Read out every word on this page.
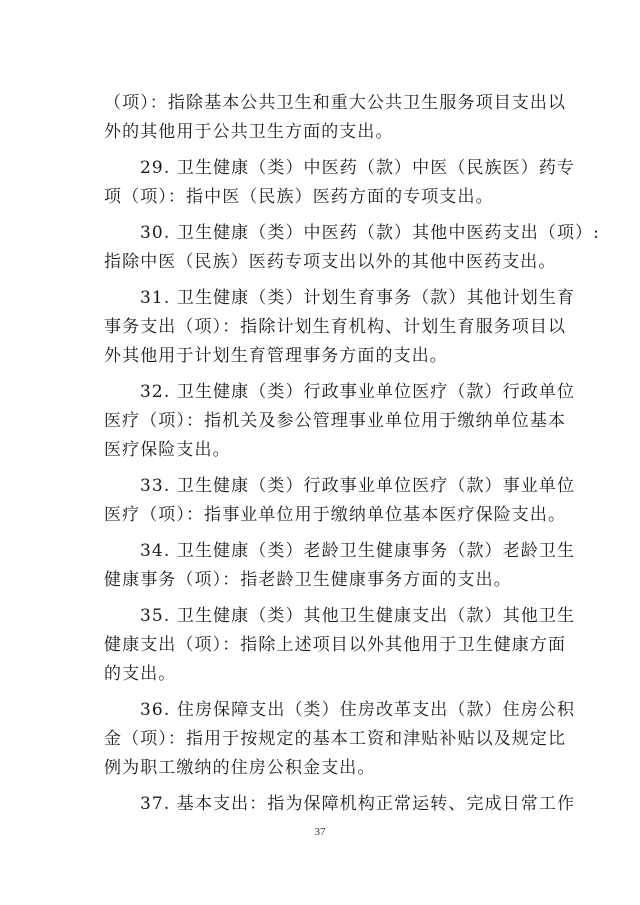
（项）：指除基本公共卫生和重大公共卫生服务项目支出以
外的其他用于公共卫生方面的支出。
29. 卫生健康（类）中医药（款）中医（民族医）药专
项（项）：指中医（民族）医药方面的专项支出。
30. 卫生健康（类）中医药（款）其他中医药支出（项）:
指除中医（民族）医药专项支出以外的其他中医药支出。
31. 卫生健康（类）计划生育事务（款）其他计划生育
事务支出（项）：指除计划生育机构、计划生育服务项目以
外其他用于计划生育管理事务方面的支出。
32. 卫生健康（类）行政事业单位医疗（款）行政单位
医疗（项）：指机关及参公管理事业单位用于缴纳单位基本
医疗保险支出。
33. 卫生健康（类）行政事业单位医疗（款）事业单位
医疗（项）：指事业单位用于缴纳单位基本医疗保险支出。
34. 卫生健康（类）老龄卫生健康事务（款）老龄卫生
健康事务（项）：指老龄卫生健康事务方面的支出。
35. 卫生健康（类）其他卫生健康支出（款）其他卫生
健康支出（项）：指除上述项目以外其他用于卫生健康方面
的支出。
36. 住房保障支出（类）住房改革支出（款）住房公积
金（项）：指用于按规定的基本工资和津贴补贴以及规定比
例为职工缴纳的住房公积金支出。
37. 基本支出：指为保障机构正常运转、完成日常工作
37
